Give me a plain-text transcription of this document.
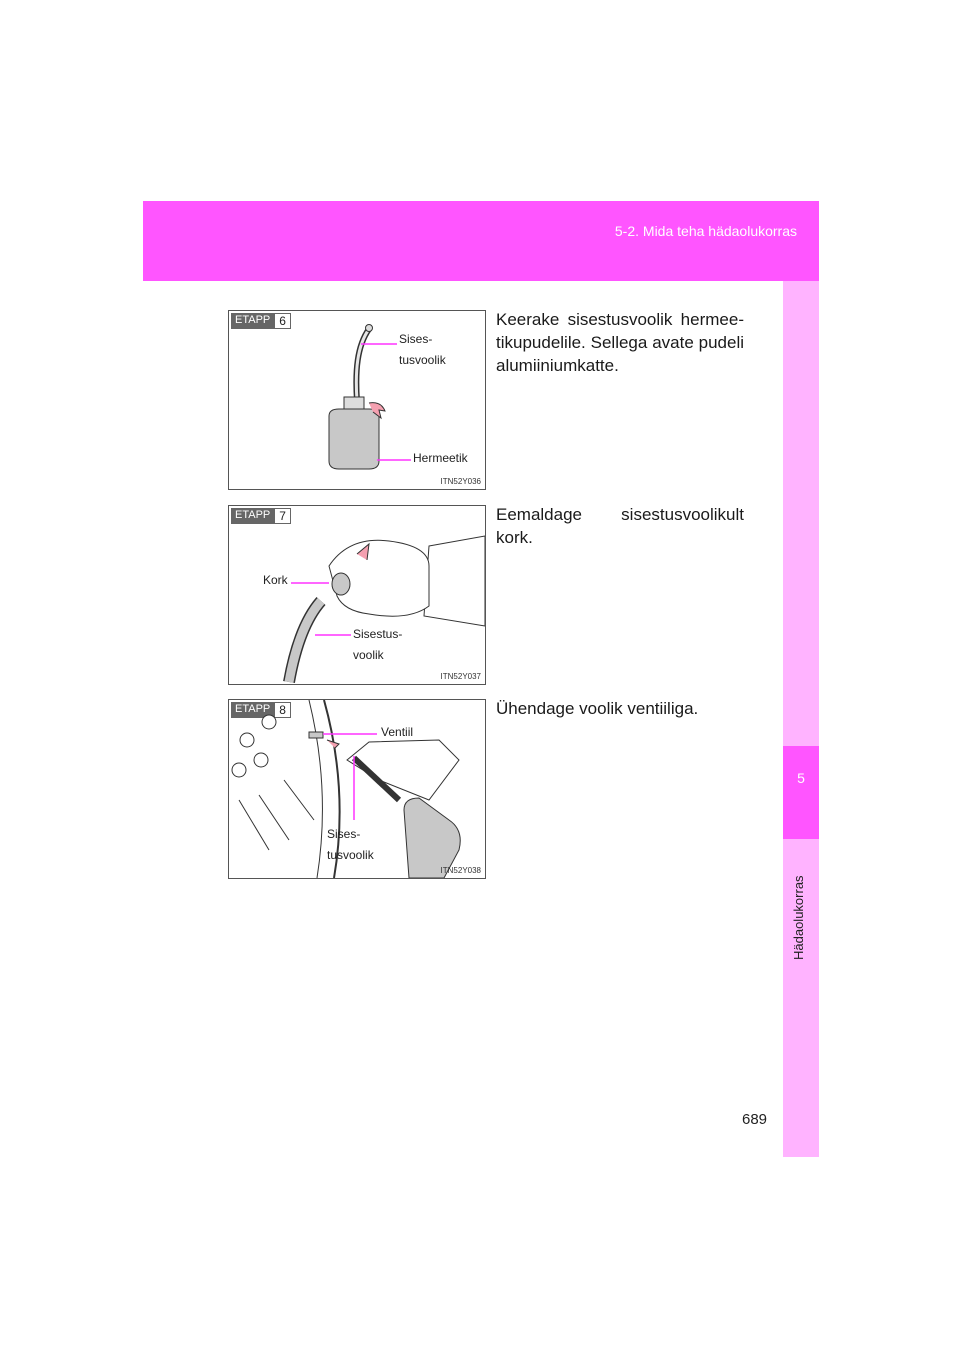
5-2. Mida teha hädaolukorras
5
Hädaolukorras
ETAPP 6
Sises-
tusvoolik
Hermeetik
ITN52Y036
Keerake sisestusvoolik hermee-tikupudelile. Sellega avate pudeli alumiiniumkatte.
ETAPP 7
Kork
Sisestus-
voolik
ITN52Y037
Eemaldage sisestusvoolikult kork.
ETAPP 8
Ventiil
Sises-
tusvoolik
ITN52Y038
Ühendage voolik ventiiliga.
689
